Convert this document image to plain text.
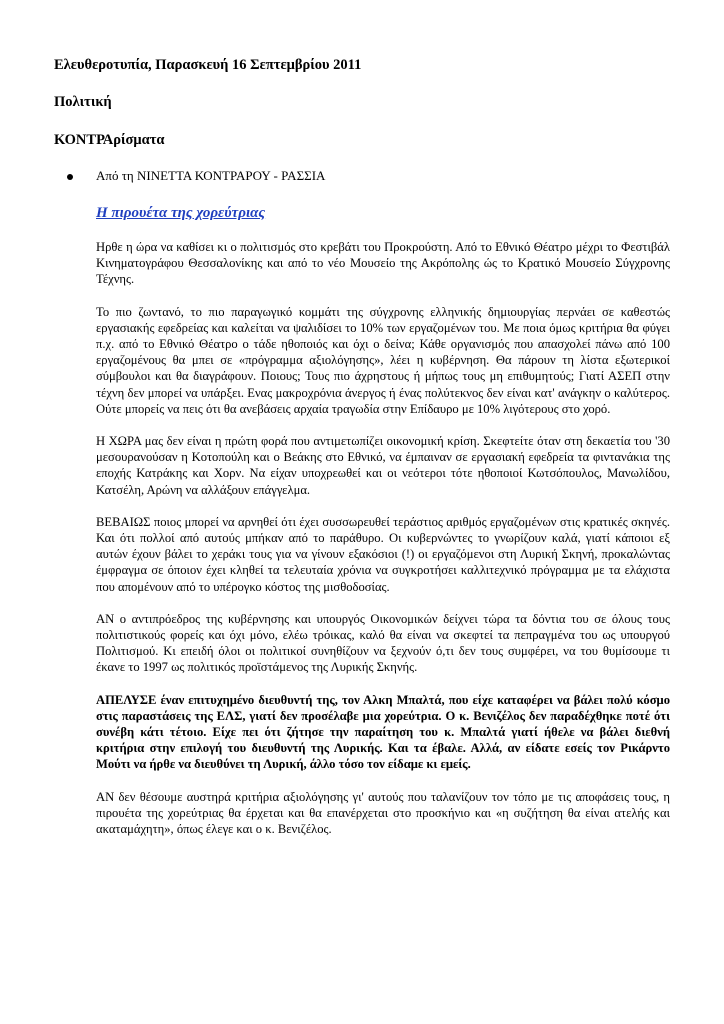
Ελευθεροτυπία, Παρασκευή 16 Σεπτεμβρίου 2011

Πολιτική

ΚΟΝΤΡΑρίσματα

Από τη ΝΙΝΕΤΤΑ ΚΟΝΤΡΑΡΟΥ - ΡΑΣΣΙΑ
Η πιρουέτα της χορεύτριας

Ηρθε η ώρα να καθίσει κι ο πολιτισμός στο κρεβάτι του Προκρούστη. Από το Εθνικό Θέατρο μέχρι το Φεστιβάλ Κινηματογράφου Θεσσαλονίκης και από το νέο Μουσείο της Ακρόπολης ώς το Κρατικό Μουσείο Σύγχρονης Τέχνης.

Το πιο ζωντανό, το πιο παραγωγικό κομμάτι της σύγχρονης ελληνικής δημιουργίας περνάει σε καθεστώς εργασιακής εφεδρείας και καλείται να ψαλιδίσει το 10% των εργαζομένων του. Με ποια όμως κριτήρια θα φύγει π.χ. από το Εθνικό Θέατρο ο τάδε ηθοποιός και όχι ο δείνα; Κάθε οργανισμός που απασχολεί πάνω από 100 εργαζομένους θα μπει σε «πρόγραμμα αξιολόγησης», λέει η κυβέρνηση. Θα πάρουν τη λίστα εξωτερικοί σύμβουλοι και θα διαγράφουν. Ποιους; Τους πιο άχρηστους ή μήπως τους μη επιθυμητούς; Γιατί ΑΣΕΠ στην τέχνη δεν μπορεί να υπάρξει. Ενας μακροχρόνια άνεργος ή ένας πολύτεκνος δεν είναι κατ' ανάγκην ο καλύτερος. Ούτε μπορείς να πεις ότι θα ανεβάσεις αρχαία τραγωδία στην Επίδαυρο με 10% λιγότερους στο χορό.

Η ΧΩΡΑ μας δεν είναι η πρώτη φορά που αντιμετωπίζει οικονομική κρίση. Σκεφτείτε όταν στη δεκαετία του '30 μεσουρανούσαν η Κοτοπούλη και ο Βεάκης στο Εθνικό, να έμπαιναν σε εργασιακή εφεδρεία τα φιντανάκια της εποχής Κατράκης και Χορν. Να είχαν υποχρεωθεί και οι νεότεροι τότε ηθοποιοί Κωτσόπουλος, Μανωλίδου, Κατσέλη, Αρώνη να αλλάξουν επάγγελμα.

ΒΕΒΑΙΩΣ ποιος μπορεί να αρνηθεί ότι έχει συσσωρευθεί τεράστιος αριθμός εργαζομένων στις κρατικές σκηνές. Και ότι πολλοί από αυτούς μπήκαν από το παράθυρο. Οι κυβερνώντες το γνωρίζουν καλά, γιατί κάποιοι εξ αυτών έχουν βάλει το χεράκι τους για να γίνουν εξακόσιοι (!) οι εργαζόμενοι στη Λυρική Σκηνή, προκαλώντας έμφραγμα σε όποιον έχει κληθεί τα τελευταία χρόνια να συγκροτήσει καλλιτεχνικό πρόγραμμα με τα ελάχιστα που απομένουν από το υπέρογκο κόστος της μισθοδοσίας.

ΑΝ ο αντιπρόεδρος της κυβέρνησης και υπουργός Οικονομικών δείχνει τώρα τα δόντια του σε όλους τους πολιτιστικούς φορείς και όχι μόνο, ελέω τρόικας, καλό θα είναι να σκεφτεί τα πεπραγμένα του ως υπουργού Πολιτισμού. Κι επειδή όλοι οι πολιτικοί συνηθίζουν να ξεχνούν ό,τι δεν τους συμφέρει, να του θυμίσουμε τι έκανε το 1997 ως πολιτικός προϊστάμενος της Λυρικής Σκηνής.

ΑΠΕΛΥΣΕ έναν επιτυχημένο διευθυντή της, τον Αλκη Μπαλτά, που είχε καταφέρει να βάλει πολύ κόσμο στις παραστάσεις της ΕΛΣ, γιατί δεν προσέλαβε μια χορεύτρια. Ο κ. Βενιζέλος δεν παραδέχθηκε ποτέ ότι συνέβη κάτι τέτοιο. Είχε πει ότι ζήτησε την παραίτηση του κ. Μπαλτά γιατί ήθελε να βάλει διεθνή κριτήρια στην επιλογή του διευθυντή της Λυρικής. Και τα έβαλε. Αλλά, αν είδατε εσείς τον Ρικάρντο Μούτι να ήρθε να διευθύνει τη Λυρική, άλλο τόσο τον είδαμε κι εμείς.

ΑΝ δεν θέσουμε αυστηρά κριτήρια αξιολόγησης γι' αυτούς που ταλανίζουν τον τόπο με τις αποφάσεις τους, η πιρουέτα της χορεύτριας θα έρχεται και θα επανέρχεται στο προσκήνιο και «η συζήτηση θα είναι ατελής και ακαταμάχητη», όπως έλεγε και ο κ. Βενιζέλος.
